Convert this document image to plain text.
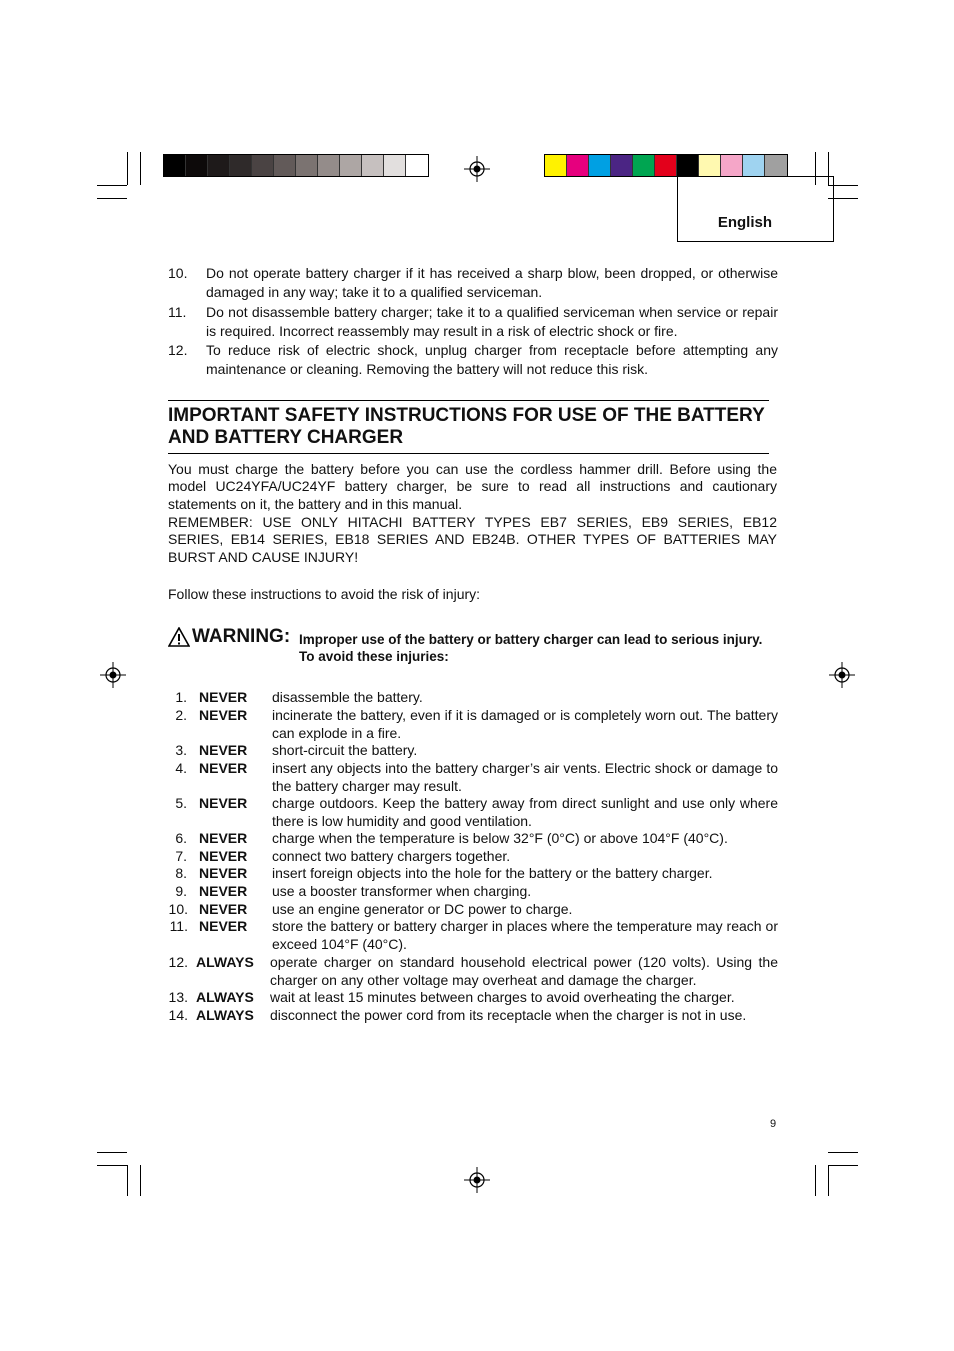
English
10.	Do not operate battery charger if it has received a sharp blow, been dropped, or otherwise damaged in any way; take it to a qualified serviceman.
11.	Do not disassemble battery charger; take it to a qualified serviceman when service or repair is required. Incorrect reassembly may result in a risk of electric shock or fire.
12.	To reduce risk of electric shock, unplug charger from receptacle before attempting any maintenance or cleaning. Removing the battery will not reduce this risk.
IMPORTANT SAFETY INSTRUCTIONS FOR USE OF THE BATTERY AND BATTERY CHARGER
You must charge the battery before you can use the cordless hammer drill. Before using the model UC24YFA/UC24YF battery charger, be sure to read all instructions and cautionary statements on it, the battery and in this manual.
REMEMBER: USE ONLY HITACHI BATTERY TYPES EB7 SERIES, EB9 SERIES, EB12 SERIES, EB14 SERIES, EB18 SERIES AND EB24B. OTHER TYPES OF BATTERIES MAY BURST AND CAUSE INJURY!
Follow these instructions to avoid the risk of injury:
WARNING: Improper use of the battery or battery charger can lead to serious injury.
To avoid these injuries:
1. NEVER disassemble the battery.
2. NEVER incinerate the battery, even if it is damaged or is completely worn out. The battery can explode in a fire.
3. NEVER short-circuit the battery.
4. NEVER insert any objects into the battery charger’s air vents. Electric shock or damage to the battery charger may result.
5. NEVER charge outdoors. Keep the battery away from direct sunlight and use only where there is low humidity and good ventilation.
6. NEVER charge when the temperature is below 32°F (0°C) or above 104°F (40°C).
7. NEVER connect two battery chargers together.
8. NEVER insert foreign objects into the hole for the battery or the battery charger.
9. NEVER use a booster transformer when charging.
10. NEVER use an engine generator or DC power to charge.
11. NEVER store the battery or battery charger in places where the temperature may reach or exceed 104°F (40°C).
12. ALWAYS operate charger on standard household electrical power (120 volts). Using the charger on any other voltage may overheat and damage the charger.
13. ALWAYS wait at least 15 minutes between charges to avoid overheating the charger.
14. ALWAYS disconnect the power cord from its receptacle when the charger is not in use.
9
